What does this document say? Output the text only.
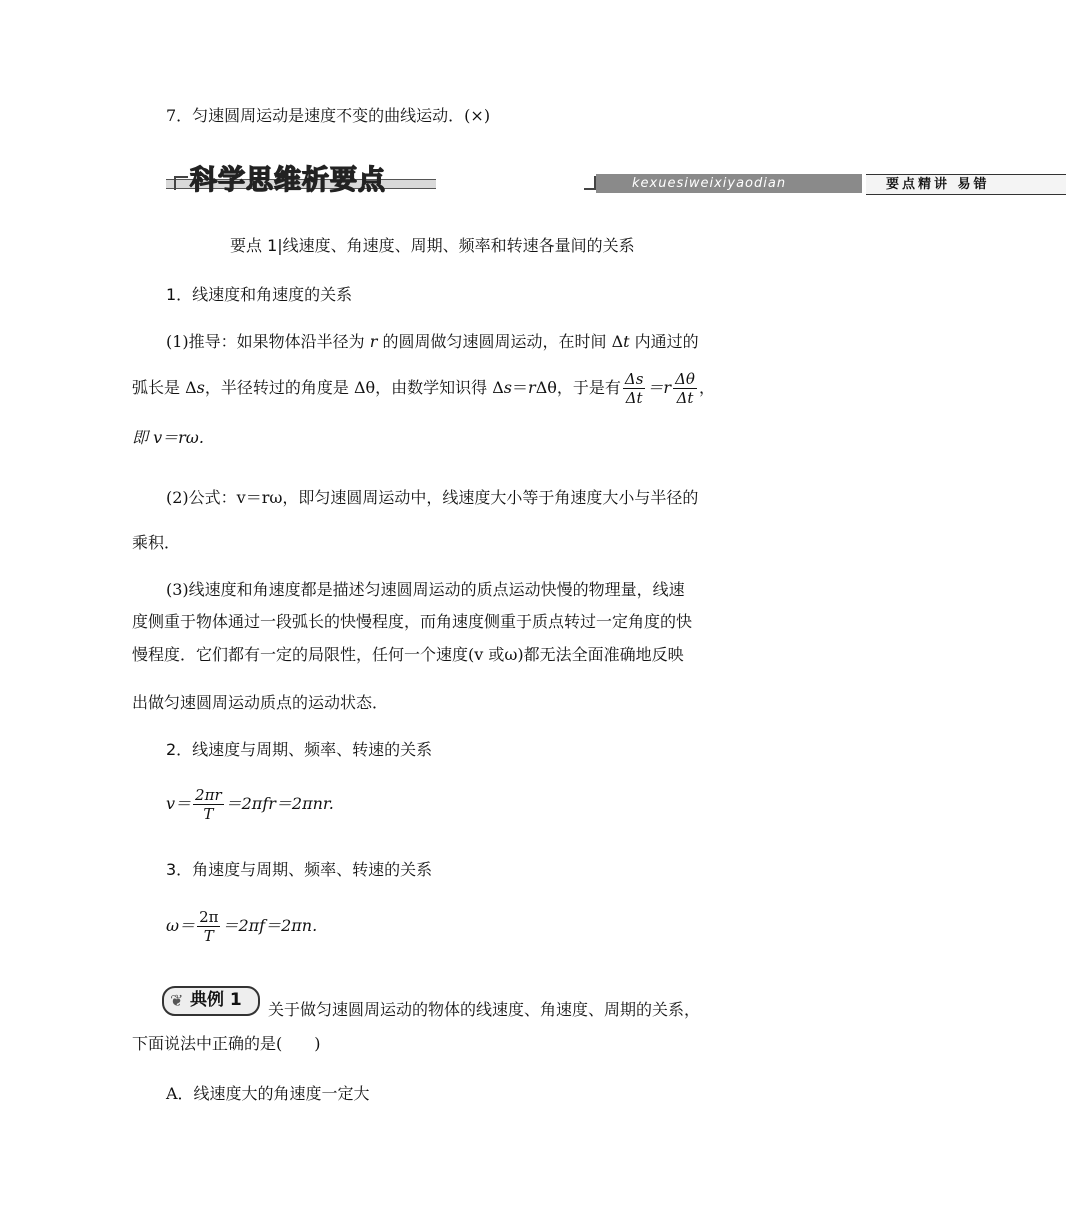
7．匀速圆周运动是速度不变的曲线运动．(×)
kexuesiweixiyaodian	要点精讲 易错
科学思维析要点
要点 1|线速度、角速度、周期、频率和转速各量间的关系
1．线速度和角速度的关系
(1)推导：如果物体沿半径为 r 的圆周做匀速圆周运动，在时间 Δt 内通过的
弧长是 Δs，半径转过的角度是 Δθ，由数学知识得 Δs＝rΔθ，于是有 $\frac{\Delta s}{\Delta t} =r \frac{\Delta\theta}{\Delta t}$ ，
即 v＝rω.
(2)公式：v＝rω，即匀速圆周运动中，线速度大小等于角速度大小与半径的
乘积．
(3)线速度和角速度都是描述匀速圆周运动的质点运动快慢的物理量，线速
度侧重于物体通过一段弧长的快慢程度，而角速度侧重于质点转过一定角度的快
慢程度．它们都有一定的局限性，任何一个速度(v 或ω)都无法全面准确地反映
出做匀速圆周运动质点的运动状态．
2．线速度与周期、频率、转速的关系
$v= \frac{2\pi r}{T} =2\pi fr=2\pi nr$.
3．角速度与周期、频率、转速的关系
$\omega= \frac{2\pi}{T} =2\pi f=2\pi n$.
❦ 典例 1 关于做匀速圆周运动的物体的线速度、角速度、周期的关系，
下面说法中正确的是(　　)
A．线速度大的角速度一定大
